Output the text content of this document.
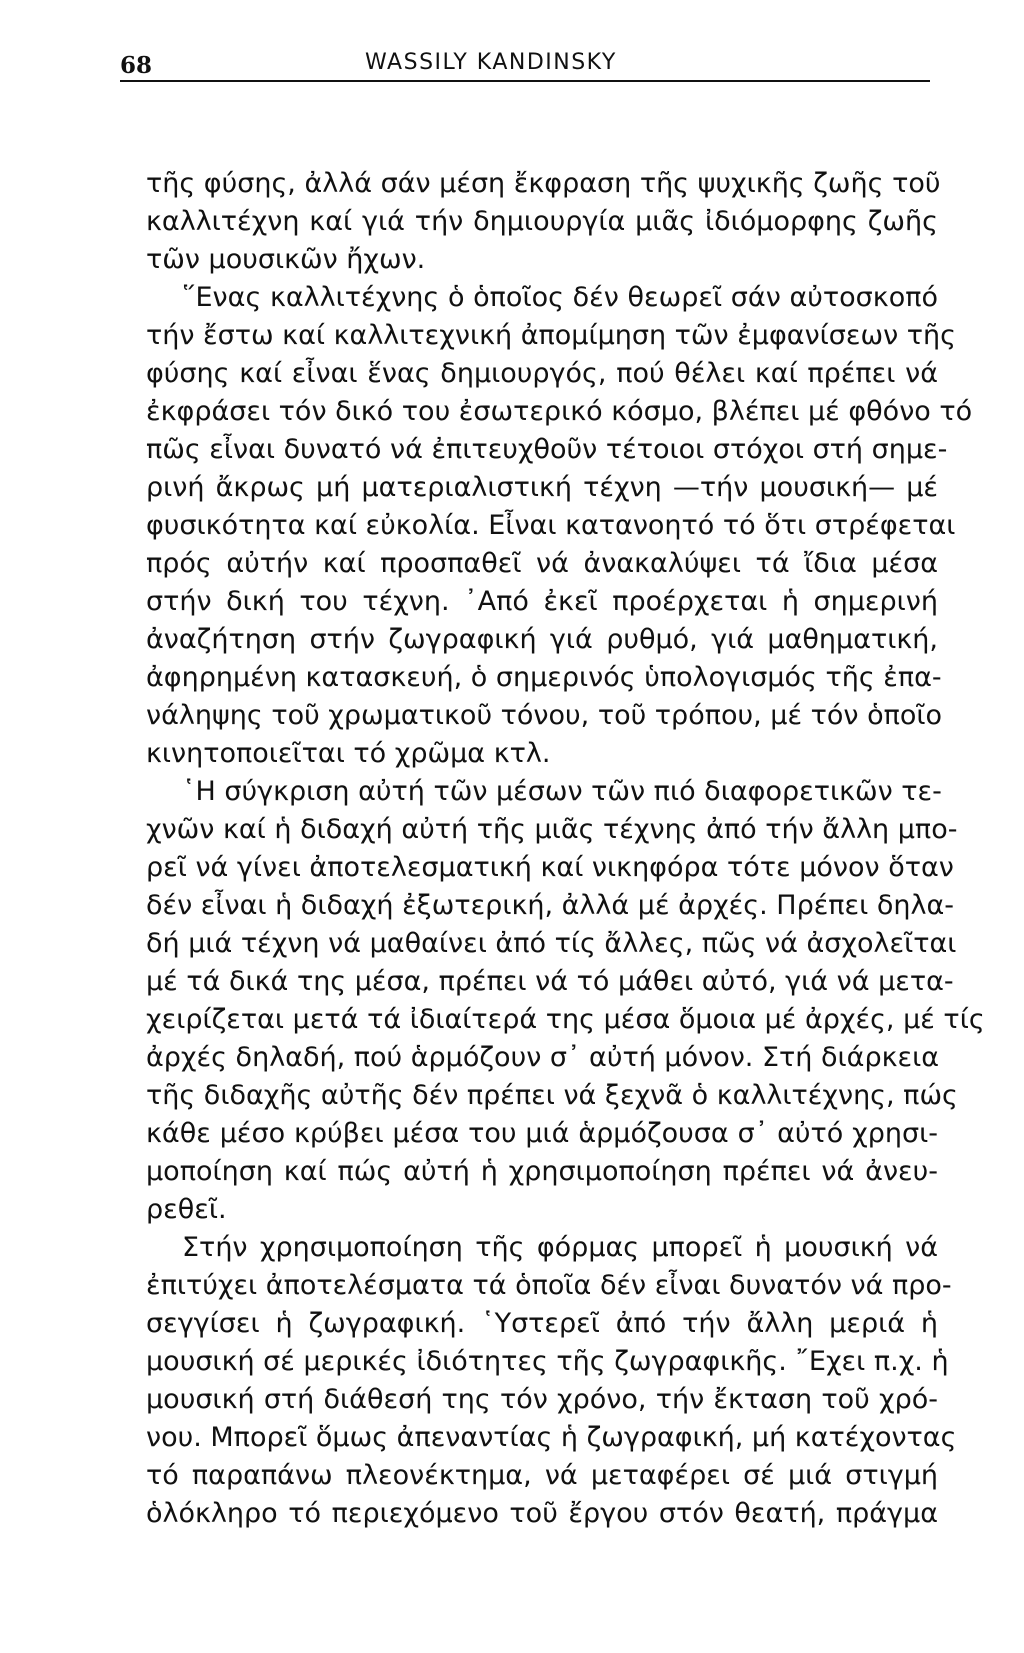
68	WASSILY KANDINSKY
τῆς φύσης, ἀλλά σάν μέση ἔκφραση τῆς ψυχικῆς ζωῆς τοῦ
καλλιτέχνη καί γιά τήν δημιουργία μιᾶς ἰδιόμορφης ζωῆς
τῶν μουσικῶν ἤχων.
῞Ενας καλλιτέχνης ὁ ὁποῖος δέν θεωρεῖ σάν αὐτοσκοπό
τήν ἔστω καί καλλιτεχνική ἀπομίμηση τῶν ἐμφανίσεων τῆς
φύσης καί εἶναι ἕνας δημιουργός, πού θέλει καί πρέπει νά
ἐκφράσει τόν δικό του ἐσωτερικό κόσμο, βλέπει μέ φθόνο τό
πῶς εἶναι δυνατό νά ἐπιτευχθοῦν τέτοιοι στόχοι στή σημε-
ρινή ἄκρως μή ματεριαλιστική τέχνη —τήν μουσική— μέ
φυσικότητα καί εὐκολία. Εἶναι κατανοητό τό ὅτι στρέφεται
πρός αὐτήν καί προσπαθεῖ νά ἀνακαλύψει τά ἴδια μέσα
στήν δική του τέχνη. ᾿Από ἐκεῖ προέρχεται ἡ σημερινή
ἀναζήτηση στήν ζωγραφική γιά ρυθμό, γιά μαθηματική,
ἀφηρημένη κατασκευή, ὁ σημερινός ὑπολογισμός τῆς ἐπα-
νάληψης τοῦ χρωματικοῦ τόνου, τοῦ τρόπου, μέ τόν ὁποῖο
κινητοποιεῖται τό χρῶμα κτλ.
῾Η σύγκριση αὐτή τῶν μέσων τῶν πιό διαφορετικῶν τε-
χνῶν καί ἡ διδαχή αὐτή τῆς μιᾶς τέχνης ἀπό τήν ἄλλη μπο-
ρεῖ νά γίνει ἀποτελεσματική καί νικηφόρα τότε μόνον ὅταν
δέν εἶναι ἡ διδαχή ἐξωτερική, ἀλλά μέ ἀρχές. Πρέπει δηλα-
δή μιά τέχνη νά μαθαίνει ἀπό τίς ἄλλες, πῶς νά ἀσχολεῖται
μέ τά δικά της μέσα, πρέπει νά τό μάθει αὐτό, γιά νά μετα-
χειρίζεται μετά τά ἰδιαίτερά της μέσα ὅμοια μέ ἀρχές, μέ τίς
ἀρχές δηλαδή, πού ἁρμόζουν σ᾿ αὐτή μόνον. Στή διάρκεια
τῆς διδαχῆς αὐτῆς δέν πρέπει νά ξεχνᾶ ὁ καλλιτέχνης, πώς
κάθε μέσο κρύβει μέσα του μιά ἁρμόζουσα σ᾿ αὐτό χρησι-
μοποίηση καί πώς αὐτή ἡ χρησιμοποίηση πρέπει νά ἀνευ-
ρεθεῖ.
Στήν χρησιμοποίηση τῆς φόρμας μπορεῖ ἡ μουσική νά
ἐπιτύχει ἀποτελέσματα τά ὁποῖα δέν εἶναι δυνατόν νά προ-
σεγγίσει ἡ ζωγραφική. ῾Υστερεῖ ἀπό τήν ἄλλη μεριά ἡ
μουσική σέ μερικές ἰδιότητες τῆς ζωγραφικῆς. ῎Εχει π.χ. ἡ
μουσική στή διάθεσή της τόν χρόνο, τήν ἔκταση τοῦ χρό-
νου. Μπορεῖ ὅμως ἀπεναντίας ἡ ζωγραφική, μή κατέχοντας
τό παραπάνω πλεονέκτημα, νά μεταφέρει σέ μιά στιγμή
ὁλόκληρο τό περιεχόμενο τοῦ ἔργου στόν θεατή, πράγμα
